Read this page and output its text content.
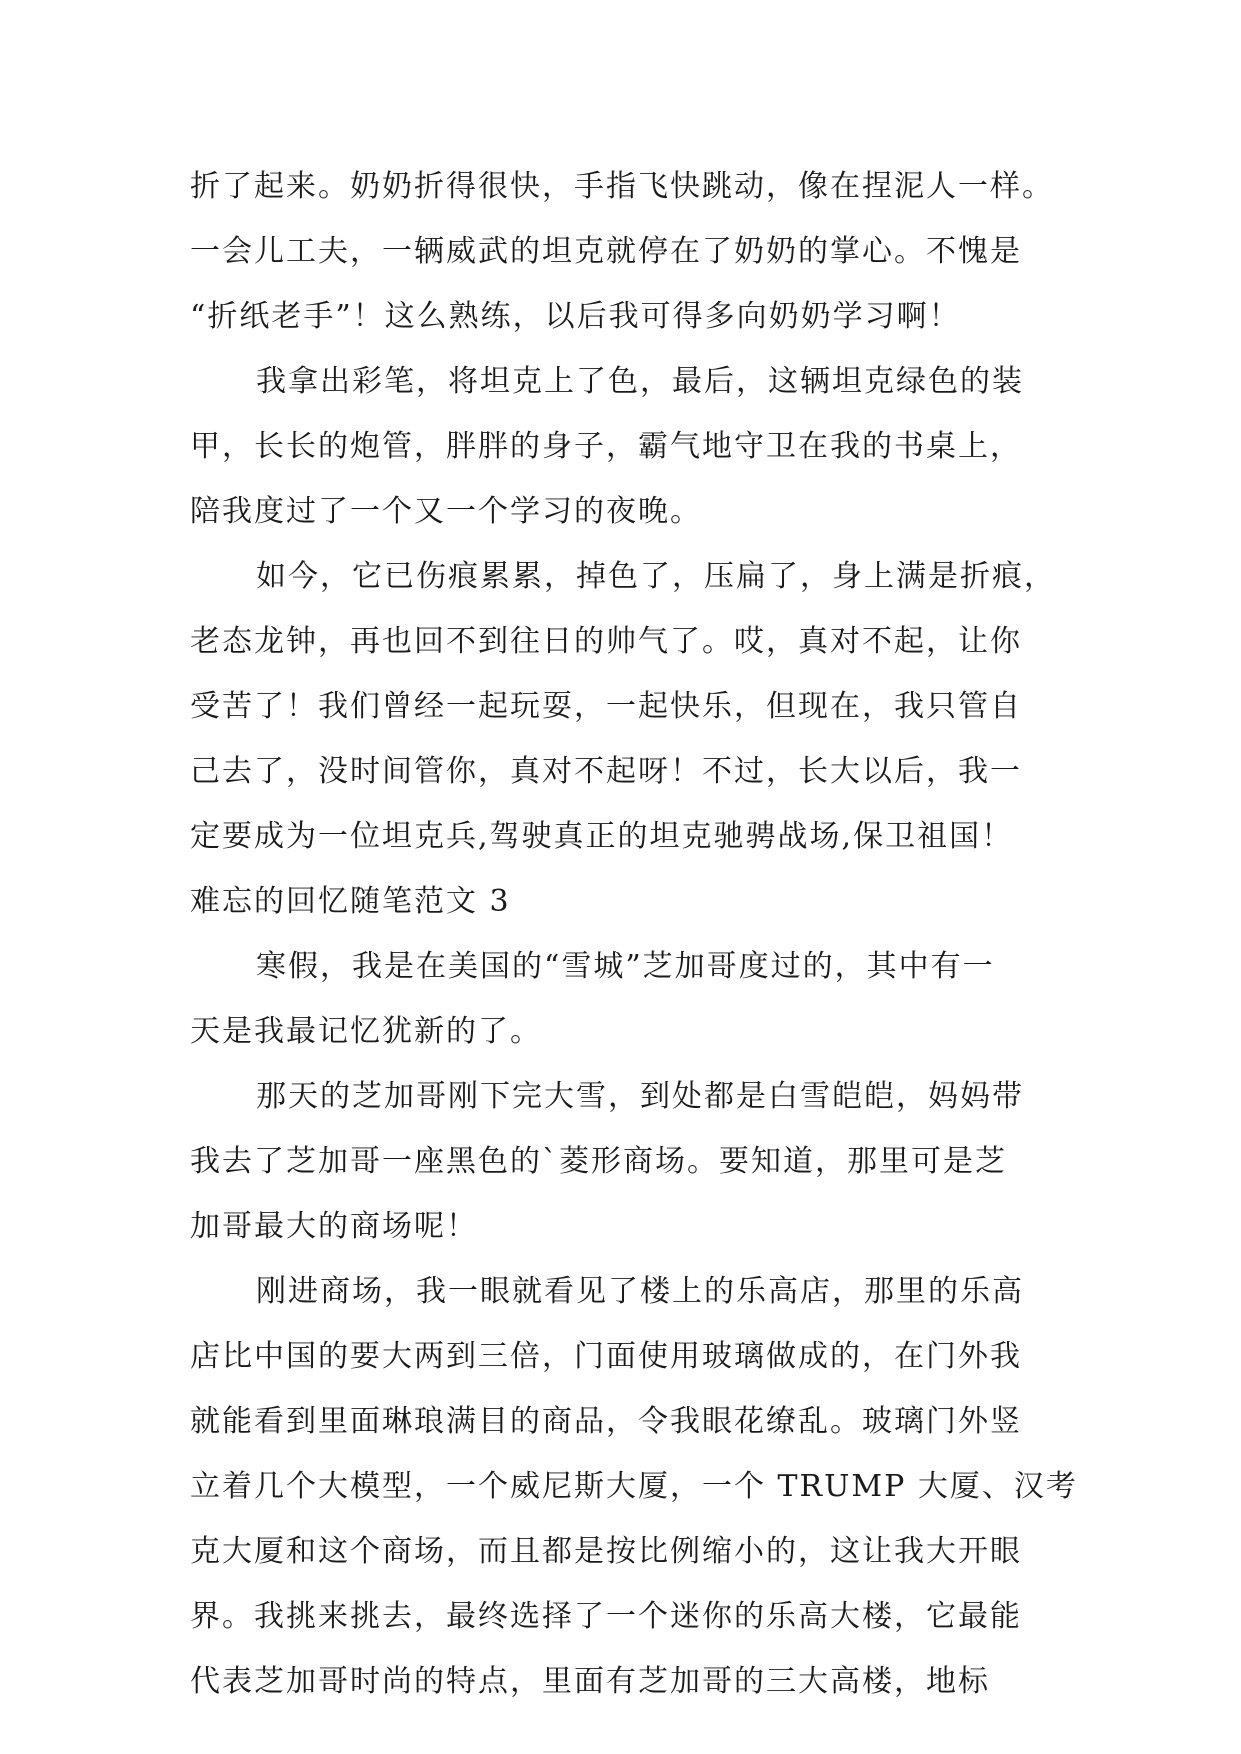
折了起来。奶奶折得很快，手指飞快跳动，像在捏泥人一样。
一会儿工夫，一辆威武的坦克就停在了奶奶的掌心。不愧是
“折纸老手”！这么熟练，以后我可得多向奶奶学习啊！
我拿出彩笔，将坦克上了色，最后，这辆坦克绿色的装
甲，长长的炮管，胖胖的身子，霸气地守卫在我的书桌上，
陪我度过了一个又一个学习的夜晚。
如今，它已伤痕累累，掉色了，压扁了，身上满是折痕，
老态龙钟，再也回不到往日的帅气了。哎，真对不起，让你
受苦了！我们曾经一起玩耍，一起快乐，但现在，我只管自
己去了，没时间管你，真对不起呀！不过，长大以后，我一
定要成为一位坦克兵,驾驶真正的坦克驰骋战场,保卫祖国！
难忘的回忆随笔范文 3
寒假，我是在美国的“雪城”芝加哥度过的，其中有一
天是我最记忆犹新的了。
那天的芝加哥刚下完大雪，到处都是白雪皑皑，妈妈带
我去了芝加哥一座黑色的`菱形商场。要知道，那里可是芝
加哥最大的商场呢！
刚进商场，我一眼就看见了楼上的乐高店，那里的乐高
店比中国的要大两到三倍，门面使用玻璃做成的，在门外我
就能看到里面琳琅满目的商品，令我眼花缭乱。玻璃门外竖
立着几个大模型，一个威尼斯大厦，一个 TRUMP 大厦、汉考
克大厦和这个商场，而且都是按比例缩小的，这让我大开眼
界。我挑来挑去，最终选择了一个迷你的乐高大楼，它最能
代表芝加哥时尚的特点，里面有芝加哥的三大高楼，地标
